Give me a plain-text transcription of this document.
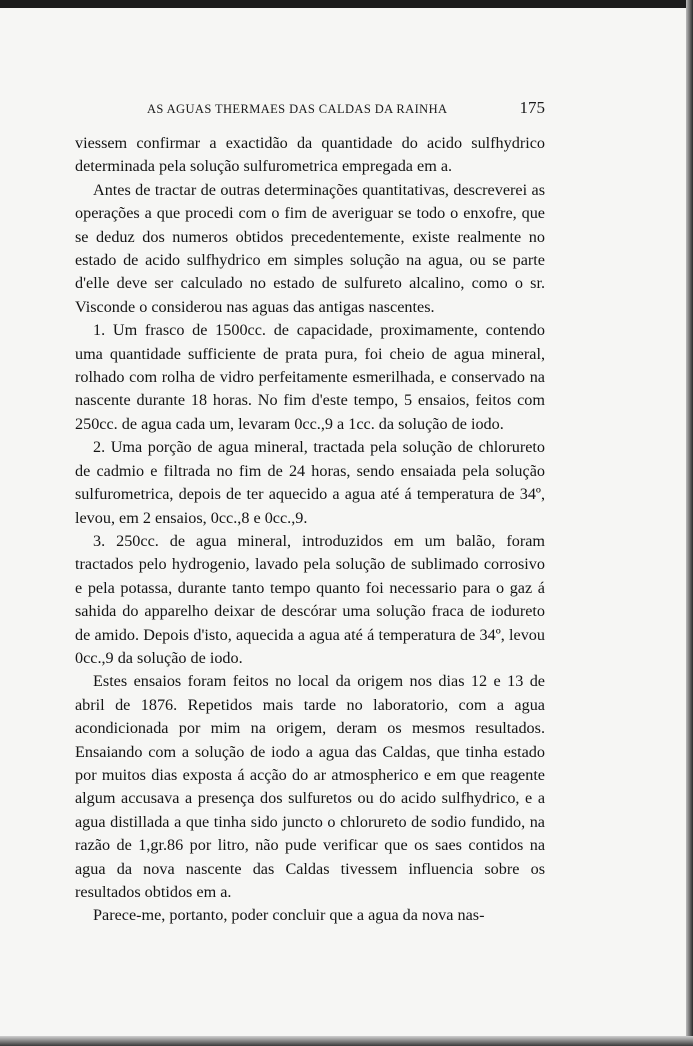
AS AGUAS THERMAES DAS CALDAS DA RAINHA	175

viessem confirmar a exactidão da quantidade do acido sulfhydrico determinada pela solução sulfurometrica empregada em a.

Antes de tractar de outras determinações quantitativas, descreverei as operações a que procedi com o fim de averiguar se todo o enxofre, que se deduz dos numeros obtidos precedentemente, existe realmente no estado de acido sulfhydrico em simples solução na agua, ou se parte d'elle deve ser calculado no estado de sulfureto alcalino, como o sr. Visconde o considerou nas aguas das antigas nascentes.

1. Um frasco de 1500cc. de capacidade, proximamente, contendo uma quantidade sufficiente de prata pura, foi cheio de agua mineral, rolhado com rolha de vidro perfeitamente esmerilhada, e conservado na nascente durante 18 horas. No fim d'este tempo, 5 ensaios, feitos com 250cc. de agua cada um, levaram 0cc.,9 a 1cc. da solução de iodo.

2. Uma porção de agua mineral, tractada pela solução de chlorureto de cadmio e filtrada no fim de 24 horas, sendo ensaiada pela solução sulfurometrica, depois de ter aquecido a agua até á temperatura de 34º, levou, em 2 ensaios, 0cc.,8 e 0cc.,9.

3. 250cc. de agua mineral, introduzidos em um balão, foram tractados pelo hydrogenio, lavado pela solução de sublimado corrosivo e pela potassa, durante tanto tempo quanto foi necessario para o gaz á sahida do apparelho deixar de descórar uma solução fraca de iodureto de amido. Depois d'isto, aquecida a agua até á temperatura de 34º, levou 0cc.,9 da solução de iodo.

Estes ensaios foram feitos no local da origem nos dias 12 e 13 de abril de 1876. Repetidos mais tarde no laboratorio, com a agua acondicionada por mim na origem, deram os mesmos resultados. Ensaiando com a solução de iodo a agua das Caldas, que tinha estado por muitos dias exposta á acção do ar atmospherico e em que reagente algum accusava a presença dos sulfuretos ou do acido sulfhydrico, e a agua distillada a que tinha sido juncto o chlorureto de sodio fundido, na razão de 1,gr.86 por litro, não pude verificar que os saes contidos na agua da nova nascente das Caldas tivessem influencia sobre os resultados obtidos em a.

Parece-me, portanto, poder concluir que a agua da nova nas-
